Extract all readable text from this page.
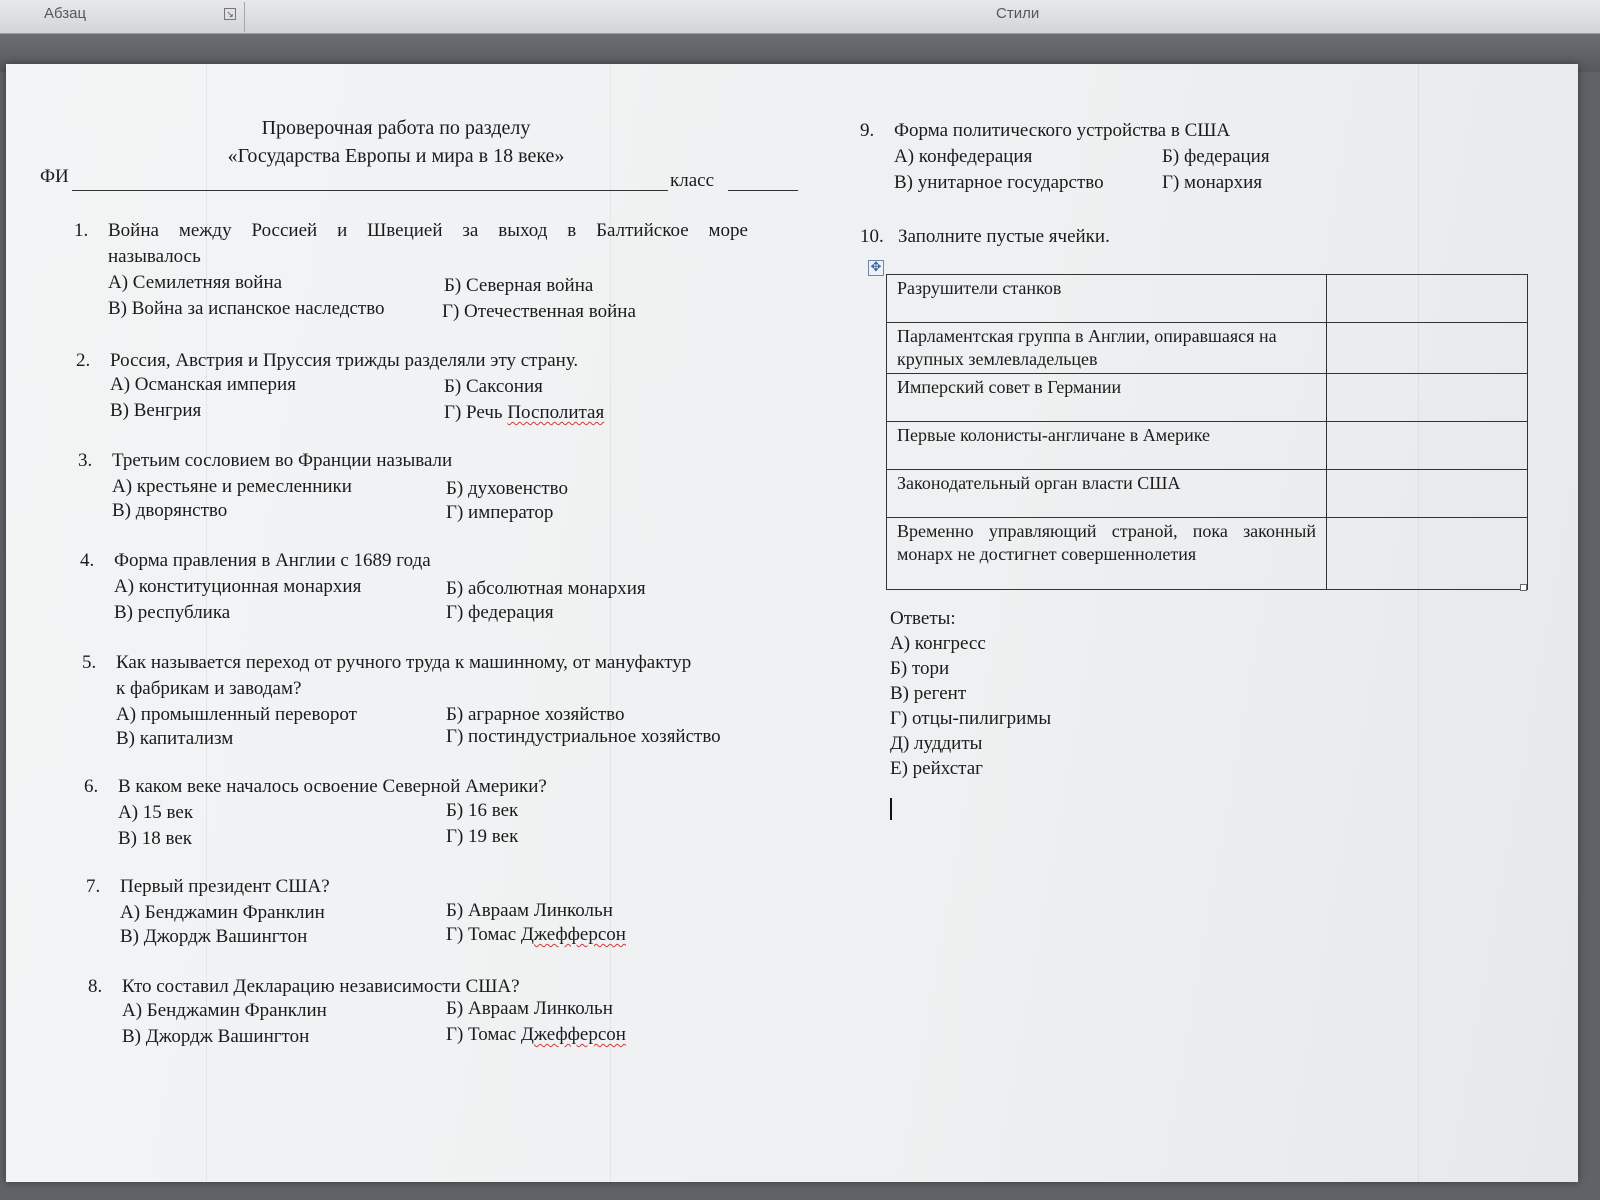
Абзац	↘	Стили
Проверочная работа по разделу
«Государства Европы и мира в 18 веке»
ФИ	класс
1.	Война между Россией и Швецией за выход в Балтийское море
называлось
А) Семилетняя война	Б) Северная война
В) Война за испанское наследство	Г) Отечественная война
2.	Россия, Австрия и Пруссия трижды разделяли эту страну.
А) Османская империя	Б) Саксония
В) Венгрия	Г) Речь Посполитая
3.	Третьим сословием во Франции называли
А) крестьяне и ремесленники	Б) духовенство
В) дворянство	Г) император
4.	Форма правления в Англии с 1689 года
А) конституционная монархия	Б) абсолютная монархия
В) республика	Г) федерация
5.	Как называется переход от ручного труда к машинному, от мануфактур
к фабрикам и заводам?
А) промышленный переворот	Б) аграрное хозяйство
В) капитализм	Г) постиндустриальное хозяйство
6.	В каком веке началось освоение Северной Америки?
А) 15 век	Б) 16 век
В) 18 век	Г) 19 век
7.	Первый президент США?
А) Бенджамин Франклин	Б) Авраам Линкольн
В) Джордж Вашингтон	Г) Томас Джефферсон
8.	Кто составил Декларацию независимости США?
А) Бенджамин Франклин	Б) Авраам Линкольн
В) Джордж Вашингтон	Г) Томас Джефферсон
9. Форма политического устройства в США
А) конфедерация	Б) федерация
В) унитарное государство	Г) монархия
10. Заполните пустые ячейки.
✥
Разрушители станков	
Парламентская группа в Англии, опиравшаяся на крупных землевладельцев	
Имперский совет в Германии	
Первые колонисты-англичане в Америке	
Законодательный орган власти США	
Временно управляющий страной, пока законный монарх не достигнет совершеннолетия	
Ответы:
А) конгресс
Б) тори
В) регент
Г) отцы-пилигримы
Д) луддиты
Е) рейхстаг
